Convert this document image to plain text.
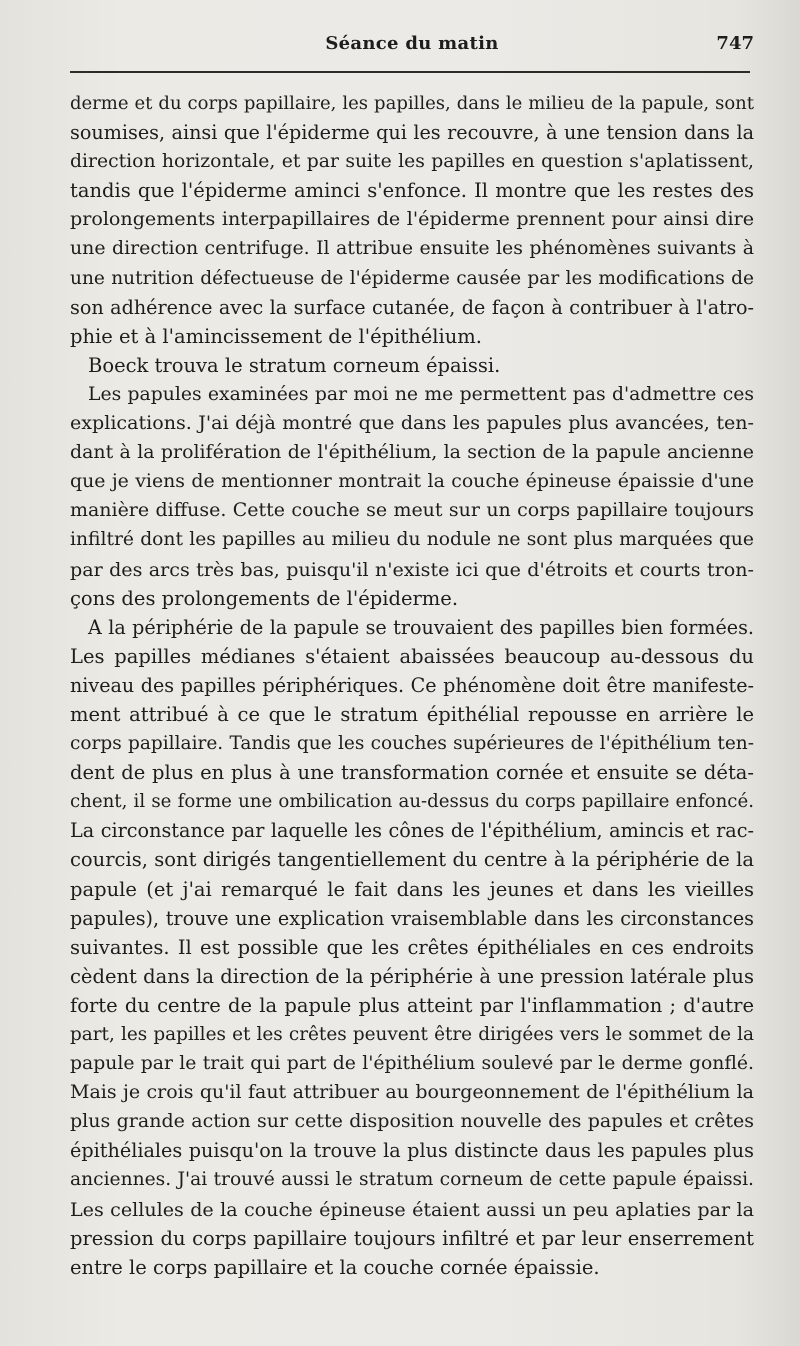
Séance du matin	747
derme et du corps papillaire, les papilles, dans le milieu de la papule, sont
soumises, ainsi que l'épiderme qui les recouvre, à une tension dans la
direction horizontale, et par suite les papilles en question s'aplatissent,
tandis que l'épiderme aminci s'enfonce. Il montre que les restes des
prolongements interpapillaires de l'épiderme prennent pour ainsi dire
une direction centrifuge. Il attribue ensuite les phénomènes suivants à
une nutrition défectueuse de l'épiderme causée par les modifications de
son adhérence avec la surface cutanée, de façon à contribuer à l'atro-
phie et à l'amincissement de l'épithélium.
Boeck trouva le stratum corneum épaissi.
Les papules examinées par moi ne me permettent pas d'admettre ces
explications. J'ai déjà montré que dans les papules plus avancées, ten-
dant à la prolifération de l'épithélium, la section de la papule ancienne
que je viens de mentionner montrait la couche épineuse épaissie d'une
manière diffuse. Cette couche se meut sur un corps papillaire toujours
infiltré dont les papilles au milieu du nodule ne sont plus marquées que
par des arcs très bas, puisqu'il n'existe ici que d'étroits et courts tron-
çons des prolongements de l'épiderme.
A la périphérie de la papule se trouvaient des papilles bien formées.
Les papilles médianes s'étaient abaissées beaucoup au-dessous du
niveau des papilles périphériques. Ce phénomène doit être manifeste-
ment attribué à ce que le stratum épithélial repousse en arrière le
corps papillaire. Tandis que les couches supérieures de l'épithélium ten-
dent de plus en plus à une transformation cornée et ensuite se déta-
chent, il se forme une ombilication au-dessus du corps papillaire enfoncé.
La circonstance par laquelle les cônes de l'épithélium, amincis et rac-
courcis, sont dirigés tangentiellement du centre à la périphérie de la
papule (et j'ai remarqué le fait dans les jeunes et dans les vieilles
papules), trouve une explication vraisemblable dans les circonstances
suivantes. Il est possible que les crêtes épithéliales en ces endroits
cèdent dans la direction de la périphérie à une pression latérale plus
forte du centre de la papule plus atteint par l'inflammation ; d'autre
part, les papilles et les crêtes peuvent être dirigées vers le sommet de la
papule par le trait qui part de l'épithélium soulevé par le derme gonflé.
Mais je crois qu'il faut attribuer au bourgeonnement de l'épithélium la
plus grande action sur cette disposition nouvelle des papules et crêtes
épithéliales puisqu'on la trouve la plus distincte daus les papules plus
anciennes. J'ai trouvé aussi le stratum corneum de cette papule épaissi.
Les cellules de la couche épineuse étaient aussi un peu aplaties par la
pression du corps papillaire toujours infiltré et par leur enserrement
entre le corps papillaire et la couche cornée épaissie.
